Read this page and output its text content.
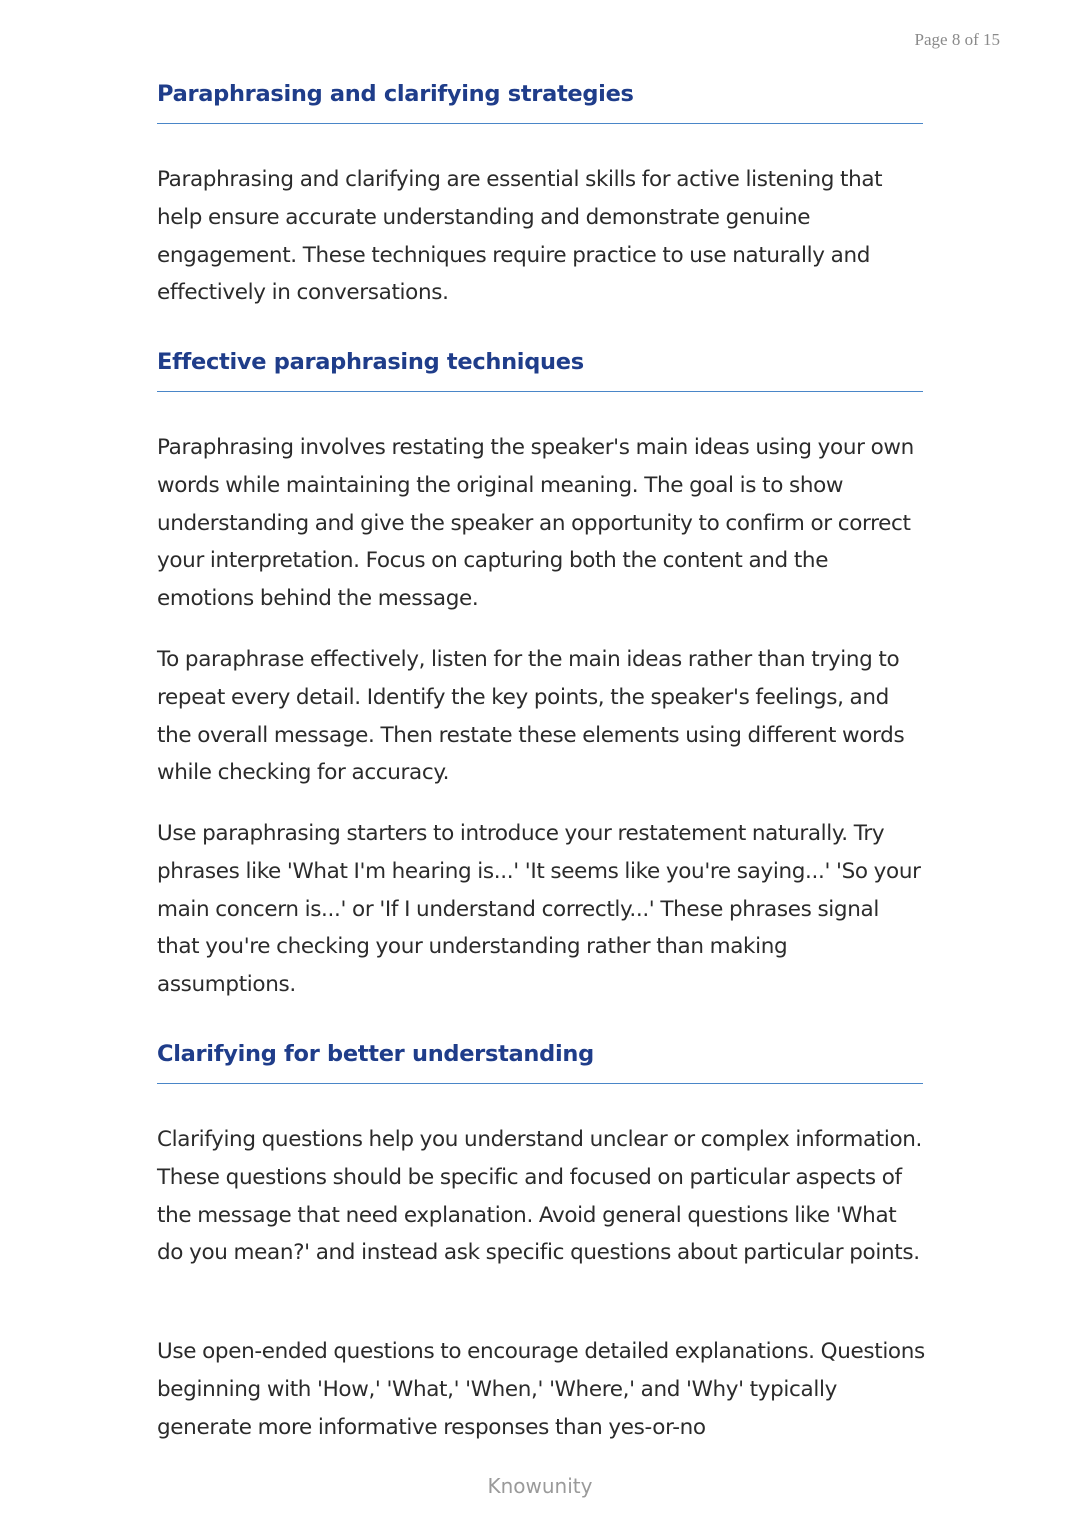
Page 8 of 15
Paraphrasing and clarifying strategies

Paraphrasing and clarifying are essential skills for active listening that help ensure accurate understanding and demonstrate genuine engagement. These techniques require practice to use naturally and effectively in conversations.

Effective paraphrasing techniques

Paraphrasing involves restating the speaker's main ideas using your own words while maintaining the original meaning. The goal is to show understanding and give the speaker an opportunity to confirm or correct your interpretation. Focus on capturing both the content and the emotions behind the message.

To paraphrase effectively, listen for the main ideas rather than trying to repeat every detail. Identify the key points, the speaker's feelings, and the overall message. Then restate these elements using different words while checking for accuracy.

Use paraphrasing starters to introduce your restatement naturally. Try phrases like 'What I'm hearing is...' 'It seems like you're saying...' 'So your main concern is...' or 'If I understand correctly...' These phrases signal that you're checking your understanding rather than making assumptions.

Clarifying for better understanding

Clarifying questions help you understand unclear or complex information. These questions should be specific and focused on particular aspects of the message that need explanation. Avoid general questions like 'What do you mean?' and instead ask specific questions about particular points.

Use open-ended questions to encourage detailed explanations. Questions beginning with 'How,' 'What,' 'When,' 'Where,' and 'Why' typically generate more informative responses than yes-or-no

Knowunity
